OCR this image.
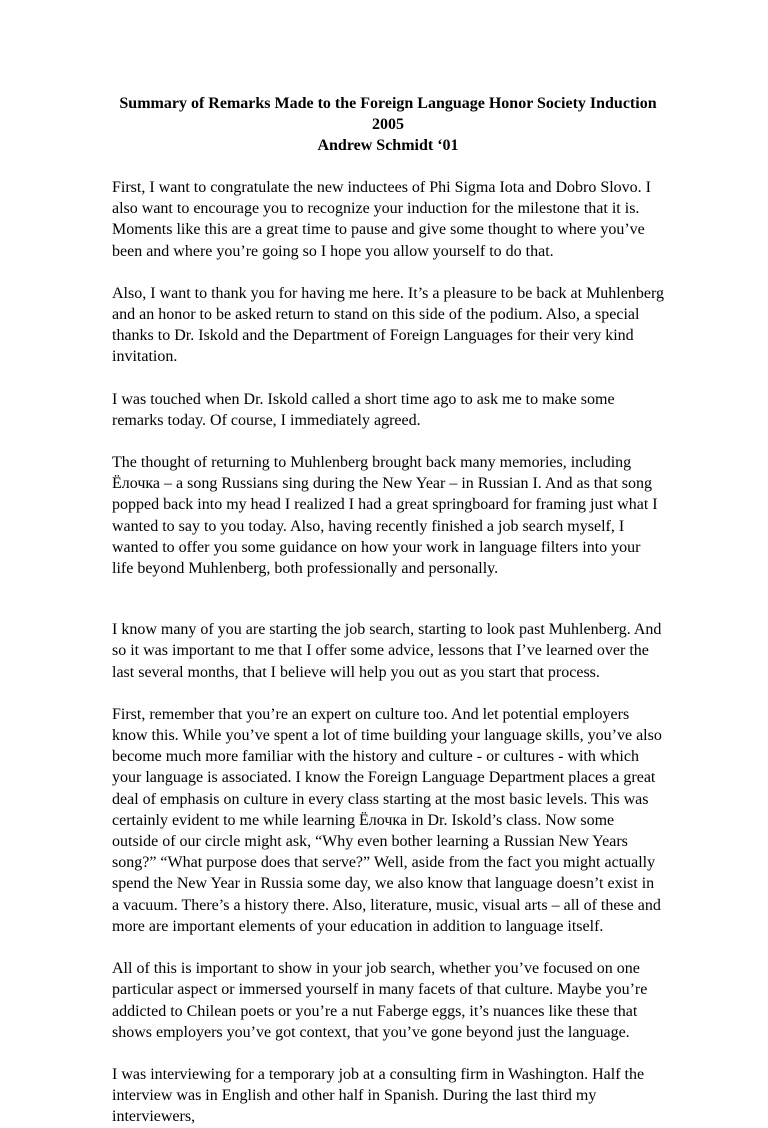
Summary of Remarks Made to the Foreign Language Honor Society Induction 2005
Andrew Schmidt ‘01

First, I want to congratulate the new inductees of Phi Sigma Iota and Dobro Slovo. I also want to encourage you to recognize your induction for the milestone that it is. Moments like this are a great time to pause and give some thought to where you’ve been and where you’re going so I hope you allow yourself to do that.

Also, I want to thank you for having me here. It’s a pleasure to be back at Muhlenberg and an honor to be asked return to stand on this side of the podium. Also, a special thanks to Dr. Iskold and the Department of Foreign Languages for their very kind invitation.

I was touched when Dr. Iskold called a short time ago to ask me to make some remarks today. Of course, I immediately agreed.

The thought of returning to Muhlenberg brought back many memories, including Ёлочка – a song Russians sing during the New Year – in Russian I. And as that song popped back into my head I realized I had a great springboard for framing just what I wanted to say to you today. Also, having recently finished a job search myself, I wanted to offer you some guidance on how your work in language filters into your life beyond Muhlenberg, both professionally and personally.

I know many of you are starting the job search, starting to look past Muhlenberg. And so it was important to me that I offer some advice, lessons that I’ve learned over the last several months, that I believe will help you out as you start that process.

First, remember that you’re an expert on culture too. And let potential employers know this. While you’ve spent a lot of time building your language skills, you’ve also become much more familiar with the history and culture - or cultures - with which your language is associated. I know the Foreign Language Department places a great deal of emphasis on culture in every class starting at the most basic levels. This was certainly evident to me while learning Ёлочка in Dr. Iskold’s class. Now some outside of our circle might ask, “Why even bother learning a Russian New Years song?” “What purpose does that serve?” Well, aside from the fact you might actually spend the New Year in Russia some day, we also know that language doesn’t exist in a vacuum. There’s a history there. Also, literature, music, visual arts – all of these and more are important elements of your education in addition to language itself.

All of this is important to show in your job search, whether you’ve focused on one particular aspect or immersed yourself in many facets of that culture. Maybe you’re addicted to Chilean poets or you’re a nut Faberge eggs, it’s nuances like these that shows employers you’ve got context, that you’ve gone beyond just the language.

I was interviewing for a temporary job at a consulting firm in Washington. Half the interview was in English and other half in Spanish. During the last third my interviewers,
